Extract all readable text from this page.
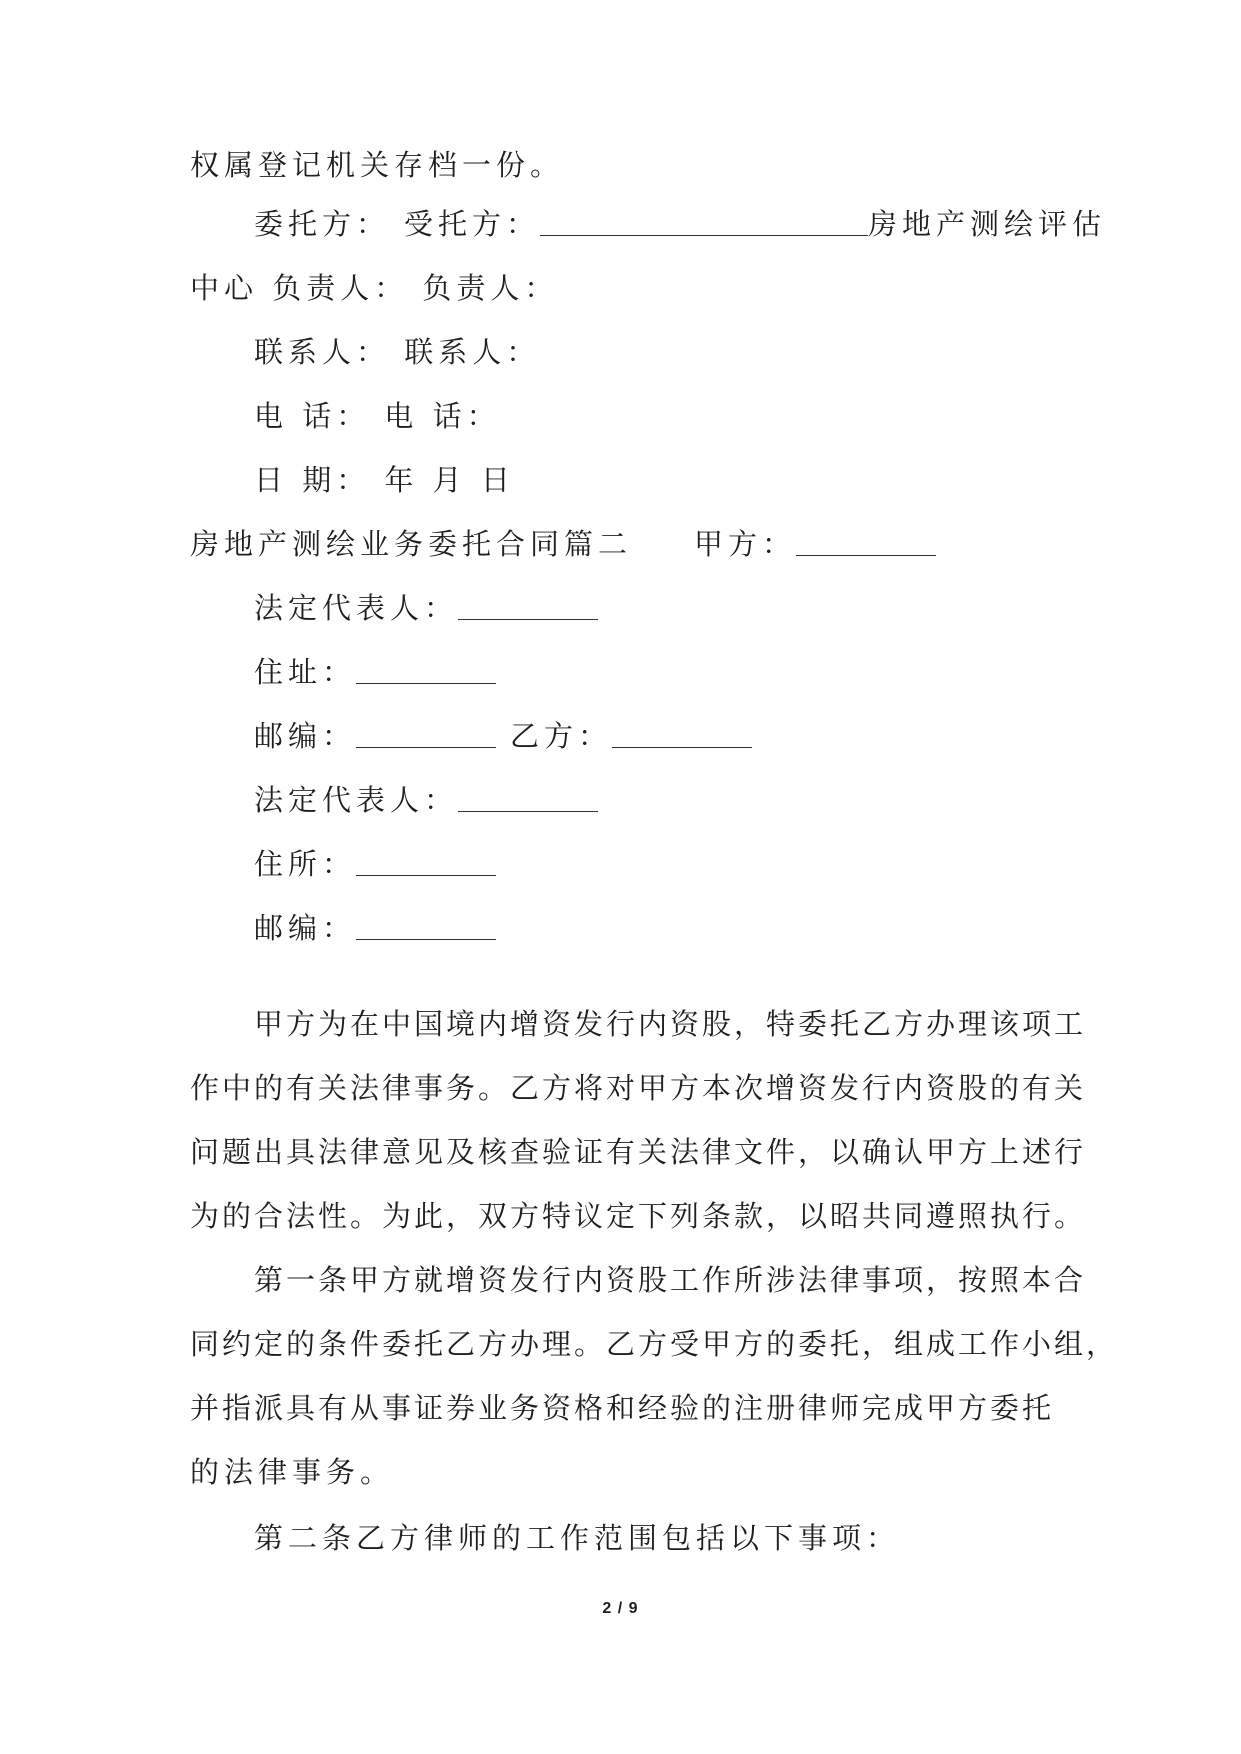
权属登记机关存档一份。
委托方： 受托方：	房地产测绘评估
中心 负责人： 负责人：
联系人： 联系人：
电 话： 电 话：
日 期： 年 月 日
房地产测绘业务委托合同篇二 甲方：
法定代表人：
住址：
邮编：	乙方：
法定代表人：
住所：
邮编：
甲方为在中国境内增资发行内资股，特委托乙方办理该项工
作中的有关法律事务。乙方将对甲方本次增资发行内资股的有关
问题出具法律意见及核查验证有关法律文件，以确认甲方上述行
为的合法性。为此，双方特议定下列条款，以昭共同遵照执行。
第一条甲方就增资发行内资股工作所涉法律事项，按照本合
同约定的条件委托乙方办理。乙方受甲方的委托，组成工作小组，
并指派具有从事证券业务资格和经验的注册律师完成甲方委托
的法律事务。
第二条乙方律师的工作范围包括以下事项：
2 / 9
